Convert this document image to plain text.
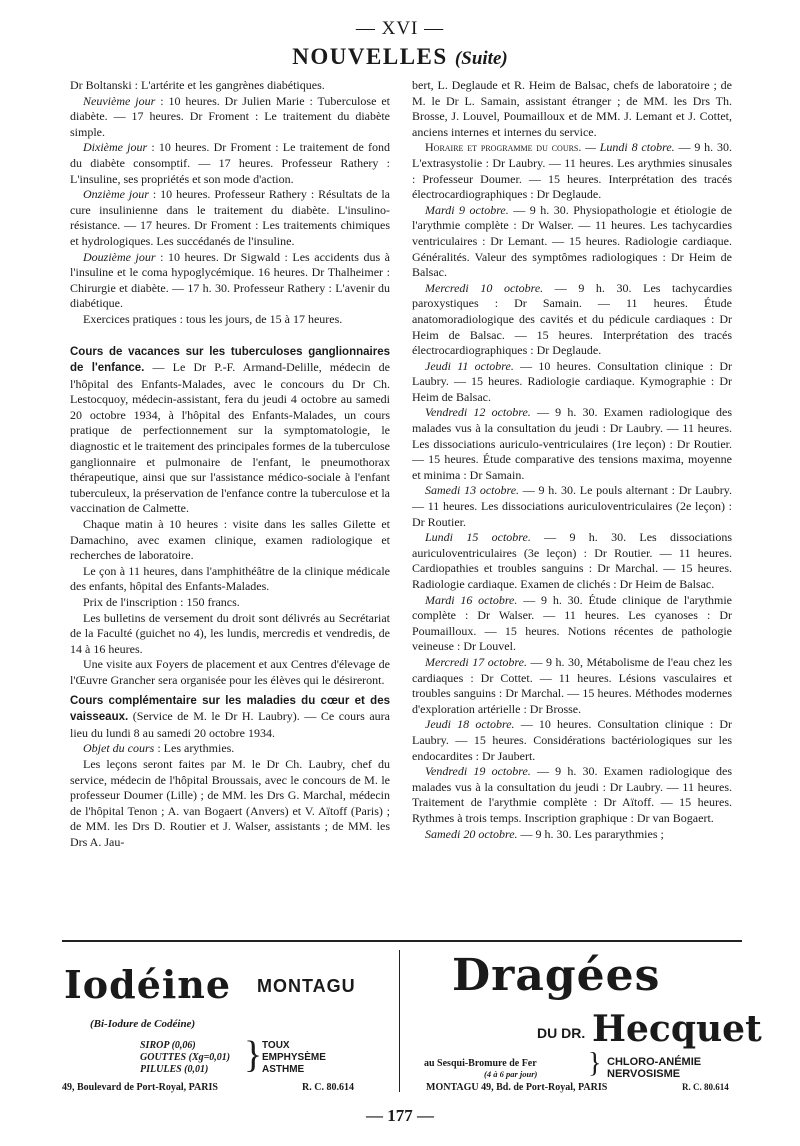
— XVI —
NOUVELLES (Suite)

Dr Boltanski : L'artérite et les gangrènes diabétiques.

Neuvième jour : 10 heures. Dr Julien Marie : Tuberculose et diabète. — 17 heures. Dr Froment : Le traitement du diabète simple.

Dixième jour : 10 heures. Dr Froment : Le traitement de fond du diabète consomptif. — 17 heures. Professeur Rathery : L'insuline, ses propriétés et son mode d'action.

Onzième jour : 10 heures. Professeur Rathery : Résultats de la cure insulinienne dans le traitement du diabète. L'insulino-résistance. — 17 heures. Dr Froment : Les traitements chimiques et hydrologiques. Les succédanés de l'insuline.

Douzième jour : 10 heures. Dr Sigwald : Les accidents dus à l'insuline et le coma hypoglycémique. 16 heures. Dr Thalheimer : Chirurgie et diabète. — 17 h. 30. Professeur Rathery : L'avenir du diabétique.

Exercices pratiques : tous les jours, de 15 à 17 heures.

Cours de vacances sur les tuberculoses ganglionnaires de l'enfance. — Le Dr P.-F. Armand-Delille, médecin de l'hôpital des Enfants-Malades, avec le concours du Dr Ch. Lestocquoy, médecin-assistant, fera du jeudi 4 octobre au samedi 20 octobre 1934, à l'hôpital des Enfants-Malades, un cours pratique de perfectionnement sur la symptomatologie, le diagnostic et le traitement des principales formes de la tuberculose ganglionnaire et pulmonaire de l'enfant, le pneumothorax thérapeutique, ainsi que sur l'assistance médico-sociale à l'enfant tuberculeux, la préservation de l'enfance contre la tuberculose et la vaccination de Calmette.

Chaque matin à 10 heures : visite dans les salles Gilette et Damachino, avec examen clinique, examen radiologique et recherches de laboratoire.

Le çon à 11 heures, dans l'amphithéâtre de la clinique médicale des enfants, hôpital des Enfants-Malades.

Prix de l'inscription : 150 francs.

Les bulletins de versement du droit sont délivrés au Secrétariat de la Faculté (guichet no 4), les lundis, mercredis et vendredis, de 14 à 16 heures.

Une visite aux Foyers de placement et aux Centres d'élevage de l'Œuvre Grancher sera organisée pour les élèves qui le désireront.

Cours complémentaire sur les maladies du cœur et des vaisseaux. (Service de M. le Dr H. Laubry). — Ce cours aura lieu du lundi 8 au samedi 20 octobre 1934.

Objet du cours : Les arythmies.

Les leçons seront faites par M. le Dr Ch. Laubry, chef du service, médecin de l'hôpital Broussais, avec le concours de M. le professeur Doumer (Lille) ; de MM. les Drs G. Marchal, médecin de l'hôpital Tenon ; A. van Bogaert (Anvers) et V. Aïtoff (Paris) ; de MM. les Drs D. Routier et J. Walser, assistants ; de MM. les Drs A. Jau-

bert, L. Deglaude et R. Heim de Balsac, chefs de laboratoire ; de M. le Dr L. Samain, assistant étranger ; de MM. les Drs Th. Brosse, J. Louvel, Poumailloux et de MM. J. Lemant et J. Cottet, anciens internes et internes du service.

Horaire et programme du cours. — Lundi 8 ctobre. — 9 h. 30. L'extrasystolie : Dr Laubry. — 11 heures. Les arythmies sinusales : Professeur Doumer. — 15 heures. Interprétation des tracés électrocardiographiques : Dr Deglaude.

Mardi 9 octobre. — 9 h. 30. Physiopathologie et étiologie de l'arythmie complète : Dr Walser. — 11 heures. Les tachycardies ventriculaires : Dr Lemant. — 15 heures. Radiologie cardiaque. Généralités. Valeur des symptômes radiologiques : Dr Heim de Balsac.

Mercredi 10 octobre. — 9 h. 30. Les tachycardies paroxystiques : Dr Samain. — 11 heures. Étude anatomoradiologique des cavités et du pédicule cardiaques : Dr Heim de Balsac. — 15 heures. Interprétation des tracés électrocardiographiques : Dr Deglaude.

Jeudi 11 octobre. — 10 heures. Consultation clinique : Dr Laubry. — 15 heures. Radiologie cardiaque. Kymographie : Dr Heim de Balsac.

Vendredi 12 octobre. — 9 h. 30. Examen radiologique des malades vus à la consultation du jeudi : Dr Laubry. — 11 heures. Les dissociations auriculo-ventriculaires (1re leçon) : Dr Routier. — 15 heures. Étude comparative des tensions maxima, moyenne et minima : Dr Samain.

Samedi 13 octobre. — 9 h. 30. Le pouls alternant : Dr Laubry. — 11 heures. Les dissociations auriculoventriculaires (2e leçon) : Dr Routier.

Lundi 15 octobre. — 9 h. 30. Les dissociations auriculoventriculaires (3e leçon) : Dr Routier. — 11 heures. Cardiopathies et troubles sanguins : Dr Marchal. — 15 heures. Radiologie cardiaque. Examen de clichés : Dr Heim de Balsac.

Mardi 16 octobre. — 9 h. 30. Étude clinique de l'arythmie complète : Dr Walser. — 11 heures. Les cyanoses : Dr Poumailloux. — 15 heures. Notions récentes de pathologie veineuse : Dr Louvel.

Mercredi 17 octobre. — 9 h. 30, Métabolisme de l'eau chez les cardiaques : Dr Cottet. — 11 heures. Lésions vasculaires et troubles sanguins : Dr Marchal. — 15 heures. Méthodes modernes d'exploration artérielle : Dr Brosse.

Jeudi 18 octobre. — 10 heures. Consultation clinique : Dr Laubry. — 15 heures. Considérations bactériologiques sur les endocardites : Dr Jaubert.

Vendredi 19 octobre. — 9 h. 30. Examen radiologique des malades vus à la consultation du jeudi : Dr Laubry. — 11 heures. Traitement de l'arythmie complète : Dr Aïtoff. — 15 heures. Rythmes à trois temps. Inscription graphique : Dr van Bogaert.

Samedi 20 octobre. — 9 h. 30. Les pararythmies ;

Iodéine MONTAGU
(Bi-Iodure de Codéine)
SIROP (0,06)
GOUTTES (Xg=0,01)
PILULES (0,01) } TOUX
EMPHYSÈME
ASTHME
49, Boulevard de Port-Royal, PARIS	R. C. 80.614
Dragées
DU DR. Hecquet
au Sesqui-Bromure de Fer
(4 à 6 par jour) } CHLORO-ANÉMIE
NERVOSISME
MONTAGU 49, Bd. de Port-Royal, PARIS	R. C. 80.614
— 177 —
